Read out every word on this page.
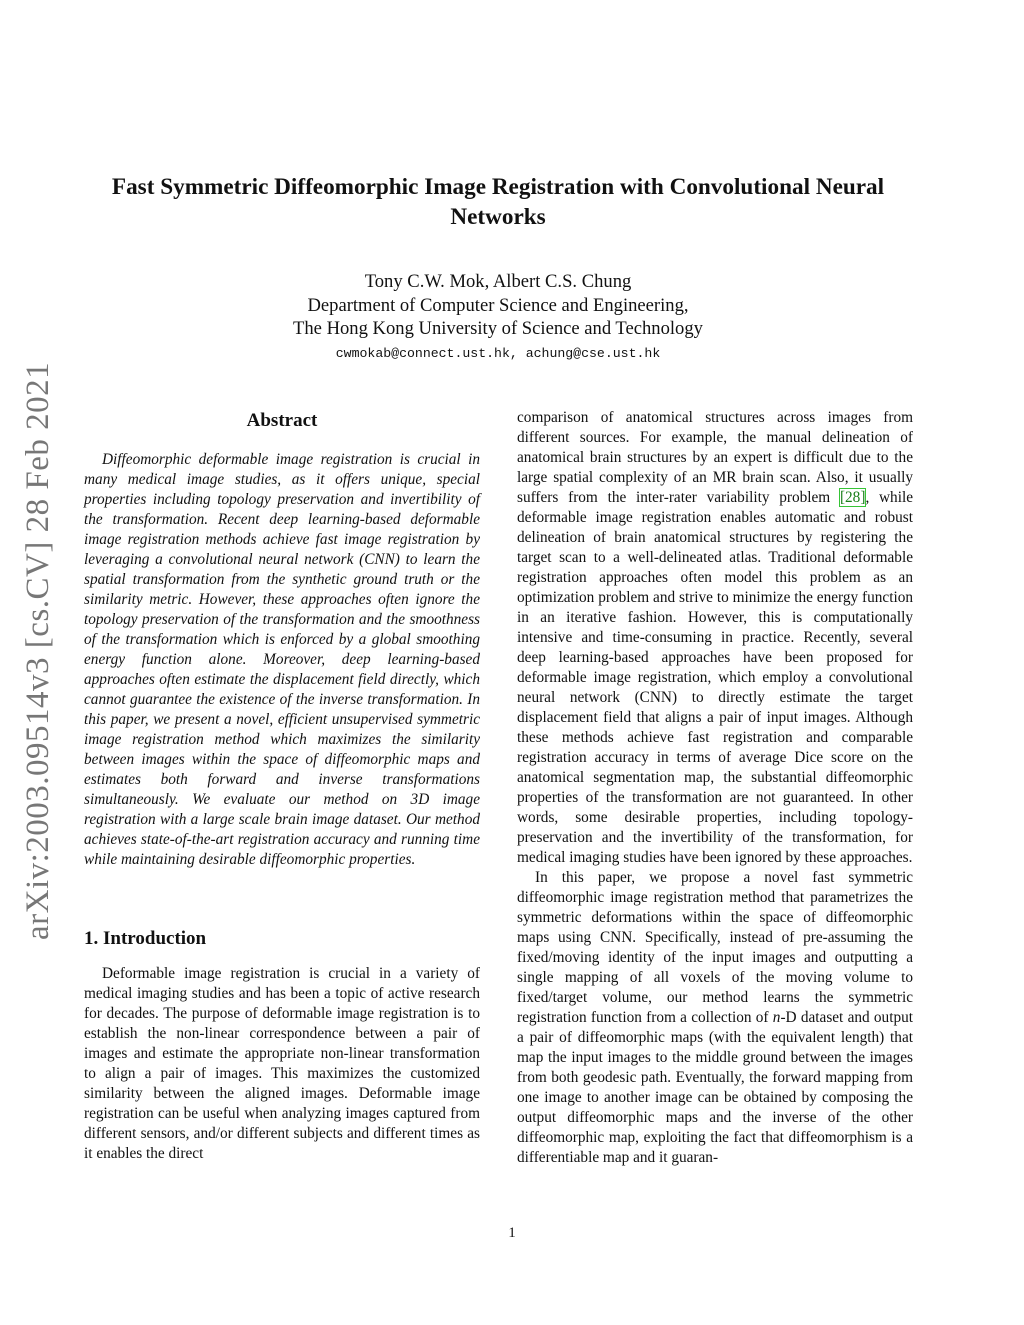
arXiv:2003.09514v3 [cs.CV] 28 Feb 2021
Fast Symmetric Diffeomorphic Image Registration with Convolutional Neural Networks
Tony C.W. Mok, Albert C.S. Chung
Department of Computer Science and Engineering,
The Hong Kong University of Science and Technology
cwmokab@connect.ust.hk, achung@cse.ust.hk
Abstract

Diffeomorphic deformable image registration is crucial in many medical image studies, as it offers unique, special properties including topology preservation and invertibility of the transformation. Recent deep learning-based deformable image registration methods achieve fast image registration by leveraging a convolutional neural network (CNN) to learn the spatial transformation from the synthetic ground truth or the similarity metric. However, these approaches often ignore the topology preservation of the transformation and the smoothness of the transformation which is enforced by a global smoothing energy function alone. Moreover, deep learning-based approaches often estimate the displacement field directly, which cannot guarantee the existence of the inverse transformation. In this paper, we present a novel, efficient unsupervised symmetric image registration method which maximizes the similarity between images within the space of diffeomorphic maps and estimates both forward and inverse transformations simultaneously. We evaluate our method on 3D image registration with a large scale brain image dataset. Our method achieves state-of-the-art registration accuracy and running time while maintaining desirable diffeomorphic properties.

1. Introduction

Deformable image registration is crucial in a variety of medical imaging studies and has been a topic of active research for decades. The purpose of deformable image registration is to establish the non-linear correspondence between a pair of images and estimate the appropriate non-linear transformation to align a pair of images. This maximizes the customized similarity between the aligned images. Deformable image registration can be useful when analyzing images captured from different sensors, and/or different subjects and different times as it enables the direct

comparison of anatomical structures across images from different sources. For example, the manual delineation of anatomical brain structures by an expert is difficult due to the large spatial complexity of an MR brain scan. Also, it usually suffers from the inter-rater variability problem [28], while deformable image registration enables automatic and robust delineation of brain anatomical structures by registering the target scan to a well-delineated atlas. Traditional deformable registration approaches often model this problem as an optimization problem and strive to minimize the energy function in an iterative fashion. However, this is computationally intensive and time-consuming in practice. Recently, several deep learning-based approaches have been proposed for deformable image registration, which employ a convolutional neural network (CNN) to directly estimate the target displacement field that aligns a pair of input images. Although these methods achieve fast registration and comparable registration accuracy in terms of average Dice score on the anatomical segmentation map, the substantial diffeomorphic properties of the transformation are not guaranteed. In other words, some desirable properties, including topology-preservation and the invertibility of the transformation, for medical imaging studies have been ignored by these approaches.

In this paper, we propose a novel fast symmetric diffeomorphic image registration method that parametrizes the symmetric deformations within the space of diffeomorphic maps using CNN. Specifically, instead of pre-assuming the fixed/moving identity of the input images and outputting a single mapping of all voxels of the moving volume to fixed/target volume, our method learns the symmetric registration function from a collection of n-D dataset and output a pair of diffeomorphic maps (with the equivalent length) that map the input images to the middle ground between the images from both geodesic path. Eventually, the forward mapping from one image to another image can be obtained by composing the output diffeomorphic maps and the inverse of the other diffeomorphic map, exploiting the fact that diffeomorphism is a differentiable map and it guaran-

1
